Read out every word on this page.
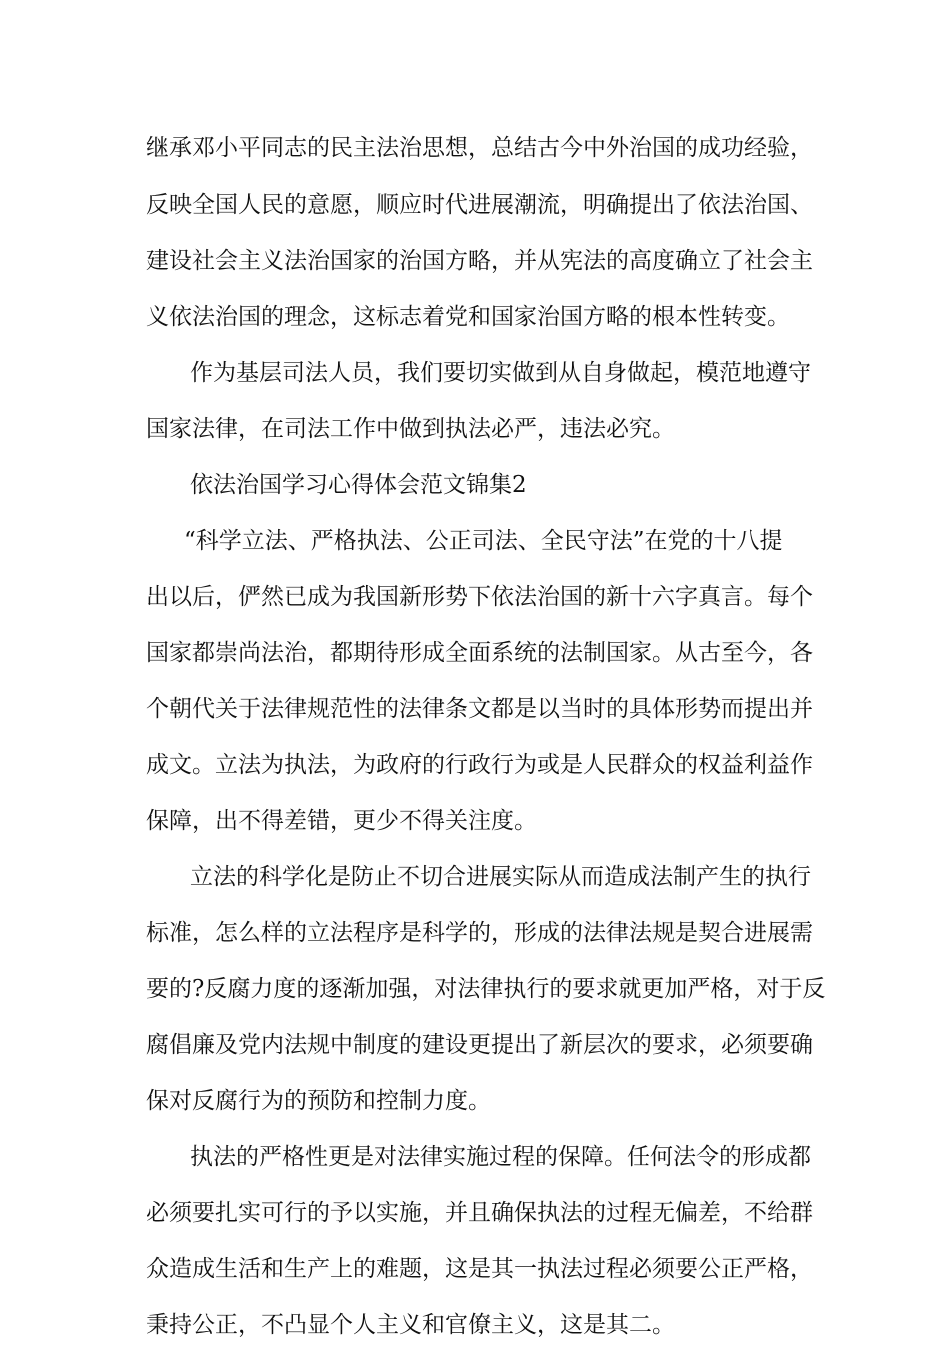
继承邓小平同志的民主法治思想，总结古今中外治国的成功经验，
反映全国人民的意愿，顺应时代进展潮流，明确提出了依法治国、
建设社会主义法治国家的治国方略，并从宪法的高度确立了社会主
义依法治国的理念，这标志着党和国家治国方略的根本性转变。
作为基层司法人员，我们要切实做到从自身做起，模范地遵守
国家法律，在司法工作中做到执法必严，违法必究。
依法治国学习心得体会范文锦集2
“科学立法、严格执法、公正司法、全民守法”在党的十八提
出以后，俨然已成为我国新形势下依法治国的新十六字真言。每个
国家都崇尚法治，都期待形成全面系统的法制国家。从古至今，各
个朝代关于法律规范性的法律条文都是以当时的具体形势而提出并
成文。立法为执法，为政府的行政行为或是人民群众的权益利益作
保障，出不得差错，更少不得关注度。
立法的科学化是防止不切合进展实际从而造成法制产生的执行
标准，怎么样的立法程序是科学的，形成的法律法规是契合进展需
要的?反腐力度的逐渐加强，对法律执行的要求就更加严格，对于反
腐倡廉及党内法规中制度的建设更提出了新层次的要求，必须要确
保对反腐行为的预防和控制力度。
执法的严格性更是对法律实施过程的保障。任何法令的形成都
必须要扎实可行的予以实施，并且确保执法的过程无偏差，不给群
众造成生活和生产上的难题，这是其一执法过程必须要公正严格，
秉持公正，不凸显个人主义和官僚主义，这是其二。
